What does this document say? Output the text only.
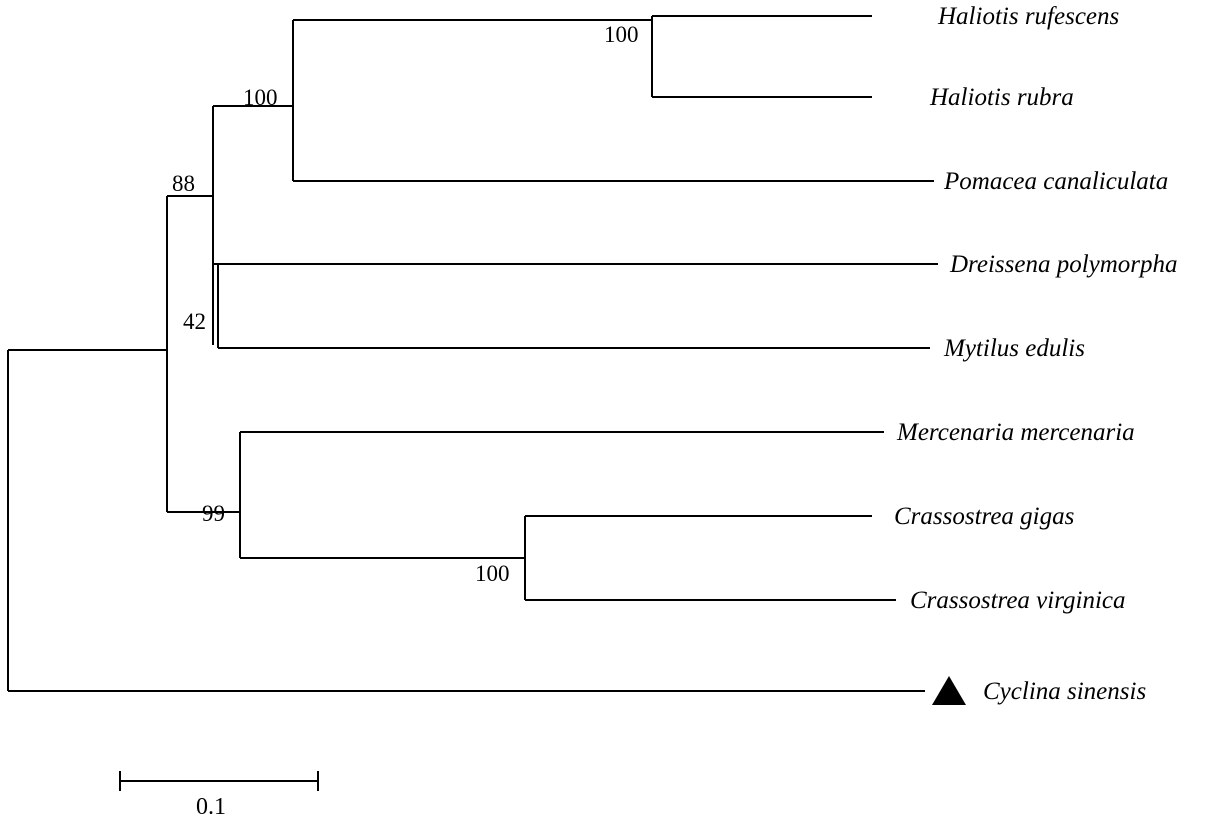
Haliotis rufescens
Haliotis rubra
Pomacea canaliculata
Dreissena polymorpha
Mytilus edulis
Mercenaria mercenaria
Crassostrea gigas
Crassostrea virginica
Cyclina sinensis
100
100
88
42
99
100
0.1
